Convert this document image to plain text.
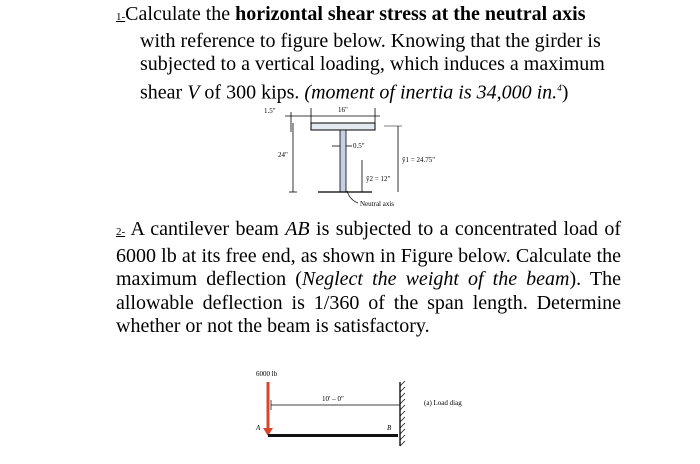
1-Calculate the horizontal shear stress at the neutral axis
with reference to figure below. Knowing that the girder is subjected to a vertical loading, which induces a maximum shear V of 300 kips. (moment of inertia is 34,000 in.$^4$)
1.5"	16"
24"
0.5"
ȳ2 = 12"
ȳ1 = 24.75"
Neutral axis
6000 lb
10′ – 0″
A	B
(a) Load diag
2- A cantilever beam AB is subjected to a concentrated load of 6000 lb at its free end, as shown in Figure below. Calculate the maximum deflection (Neglect the weight of the beam). The allowable deflection is 1/360 of the span length. Determine whether or not the beam is satisfactory.
